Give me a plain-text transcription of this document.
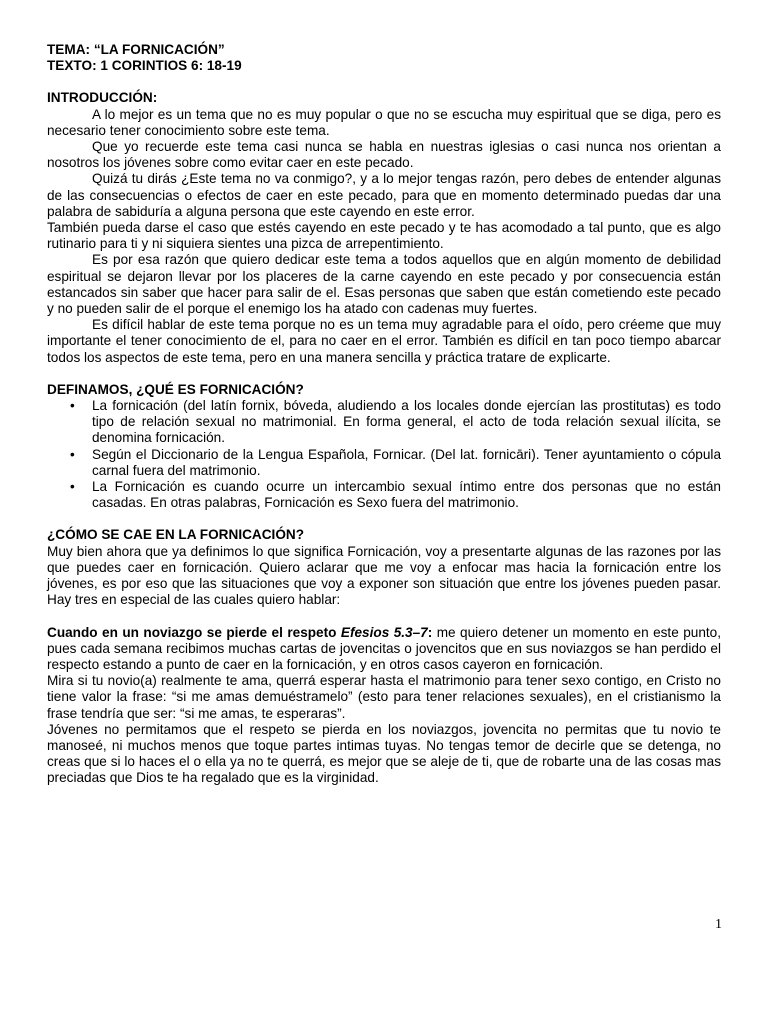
TEMA: “LA FORNICACIÓN”
TEXTO: 1 CORINTIOS 6: 18-19
INTRODUCCIÓN:

A lo mejor es un tema que no es muy popular o que no se escucha muy espiritual que se diga, pero es necesario tener conocimiento sobre este tema.

Que yo recuerde este tema casi nunca se habla en nuestras iglesias o casi nunca nos orientan a nosotros los jóvenes sobre como evitar caer en este pecado.

Quizá tu dirás ¿Este tema no va conmigo?, y a lo mejor tengas razón, pero debes de entender algunas de las consecuencias o efectos de caer en este pecado, para que en momento determinado puedas dar una palabra de sabiduría a alguna persona que este cayendo en este error.

También pueda darse el caso que estés cayendo en este pecado y te has acomodado a tal punto, que es algo rutinario para ti y ni siquiera sientes una pizca de arrepentimiento.

Es por esa razón que quiero dedicar este tema a todos aquellos que en algún momento de debilidad espiritual se dejaron llevar por los placeres de la carne cayendo en este pecado y por consecuencia están estancados sin saber que hacer para salir de el. Esas personas que saben que están cometiendo este pecado y no pueden salir de el porque el enemigo los ha atado con cadenas muy fuertes.

Es difícil hablar de este tema porque no es un tema muy agradable para el oído, pero créeme que muy importante el tener conocimiento de el, para no caer en el error. También es difícil en tan poco tiempo abarcar todos los aspectos de este tema, pero en una manera sencilla y práctica tratare de explicarte.

DEFINAMOS, ¿QUÉ ES FORNICACIÓN?
• La fornicación (del latín fornix, bóveda, aludiendo a los locales donde ejercían las prostitutas) es todo tipo de relación sexual no matrimonial. En forma general, el acto de toda relación sexual ilícita, se denomina fornicación.
• Según el Diccionario de la Lengua Española, Fornicar. (Del lat. fornicāri). Tener ayuntamiento o cópula carnal fuera del matrimonio.
• La Fornicación es cuando ocurre un intercambio sexual íntimo entre dos personas que no están casadas. En otras palabras, Fornicación es Sexo fuera del matrimonio.
¿CÓMO SE CAE EN LA FORNICACIÓN?

Muy bien ahora que ya definimos lo que significa Fornicación, voy a presentarte algunas de las razones por las que puedes caer en fornicación. Quiero aclarar que me voy a enfocar mas hacia la fornicación entre los jóvenes, es por eso que las situaciones que voy a exponer son situación que entre los jóvenes pueden pasar. Hay tres en especial de las cuales quiero hablar:

Cuando en un noviazgo se pierde el respeto Efesios 5.3–7: me quiero detener un momento en este punto, pues cada semana recibimos muchas cartas de jovencitas o jovencitos que en sus noviazgos se han perdido el respecto estando a punto de caer en la fornicación, y en otros casos cayeron en fornicación.

Mira si tu novio(a) realmente te ama, querrá esperar hasta el matrimonio para tener sexo contigo, en Cristo no tiene valor la frase: “si me amas demuéstramelo” (esto para tener relaciones sexuales), en el cristianismo la frase tendría que ser: “si me amas, te esperaras”.

Jóvenes no permitamos que el respeto se pierda en los noviazgos, jovencita no permitas que tu novio te manoseé, ni muchos menos que toque partes intimas tuyas. No tengas temor de decirle que se detenga, no creas que si lo haces el o ella ya no te querrá, es mejor que se aleje de ti, que de robarte una de las cosas mas preciadas que Dios te ha regalado que es la virginidad.

1
